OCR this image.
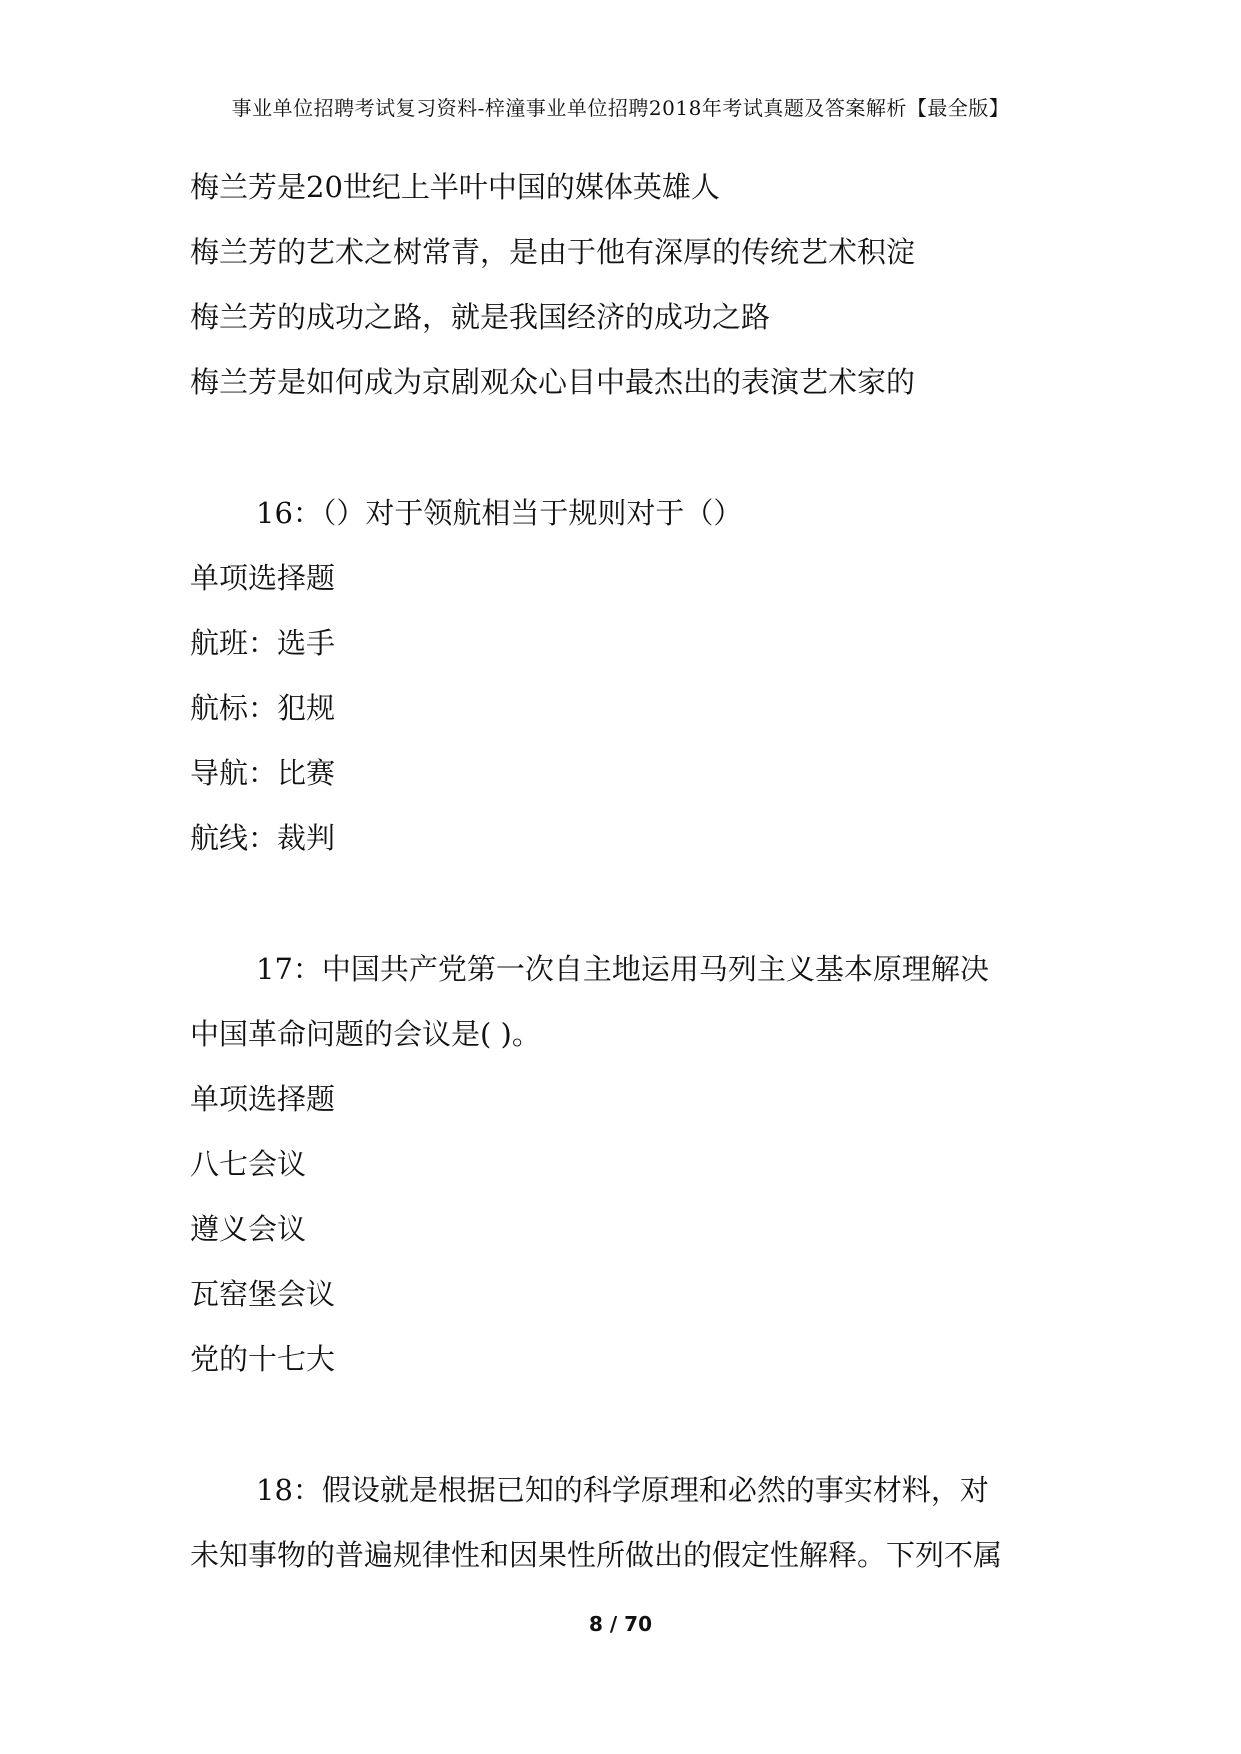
事业单位招聘考试复习资料-梓潼事业单位招聘2018年考试真题及答案解析【最全版】
梅兰芳是20世纪上半叶中国的媒体英雄人
梅兰芳的艺术之树常青，是由于他有深厚的传统艺术积淀
梅兰芳的成功之路，就是我国经济的成功之路
梅兰芳是如何成为京剧观众心目中最杰出的表演艺术家的
16：（）对于领航相当于规则对于（）
单项选择题
航班：选手
航标：犯规
导航：比赛
航线：裁判
17：中国共产党第一次自主地运用马列主义基本原理解决
中国革命问题的会议是( )。
单项选择题
八七会议
遵义会议
瓦窑堡会议
党的十七大
18：假设就是根据已知的科学原理和必然的事实材料，对
未知事物的普遍规律性和因果性所做出的假定性解释。下列不属
8 / 70
